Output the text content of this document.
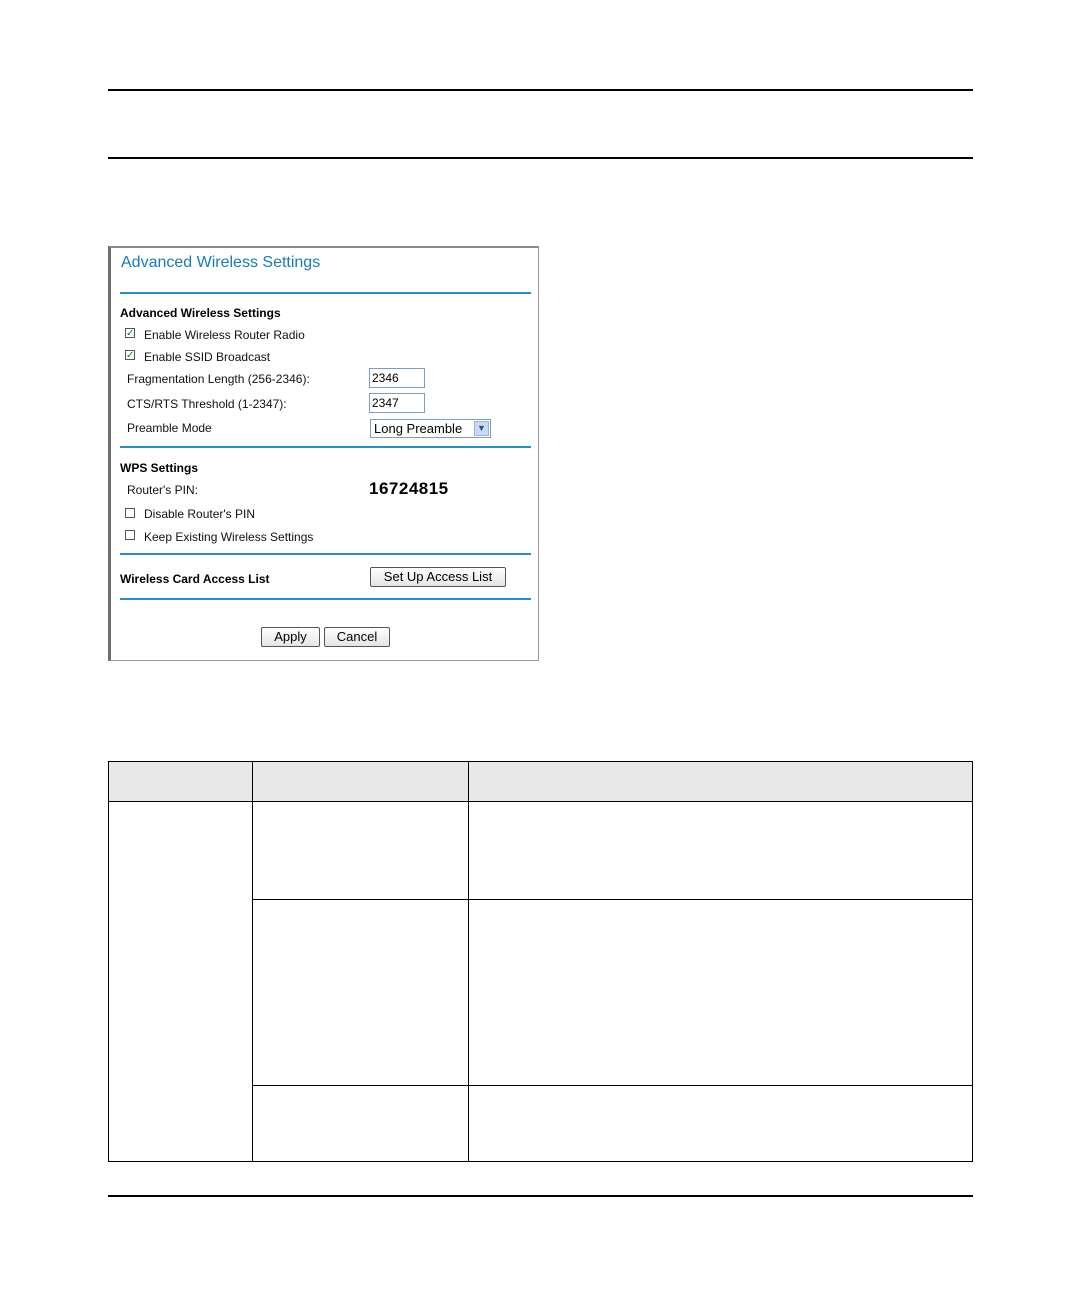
Advanced Wireless Settings
Advanced Wireless Settings
✓ Enable Wireless Router Radio
✓ Enable SSID Broadcast
Fragmentation Length (256-2346):	2346
CTS/RTS Threshold (1-2347):	2347
Preamble Mode	Long Preamble	▼
WPS Settings
Router's PIN:	16724815
Disable Router's PIN
Keep Existing Wireless Settings
Wireless Card Access List	Set Up Access List
Apply	Cancel
